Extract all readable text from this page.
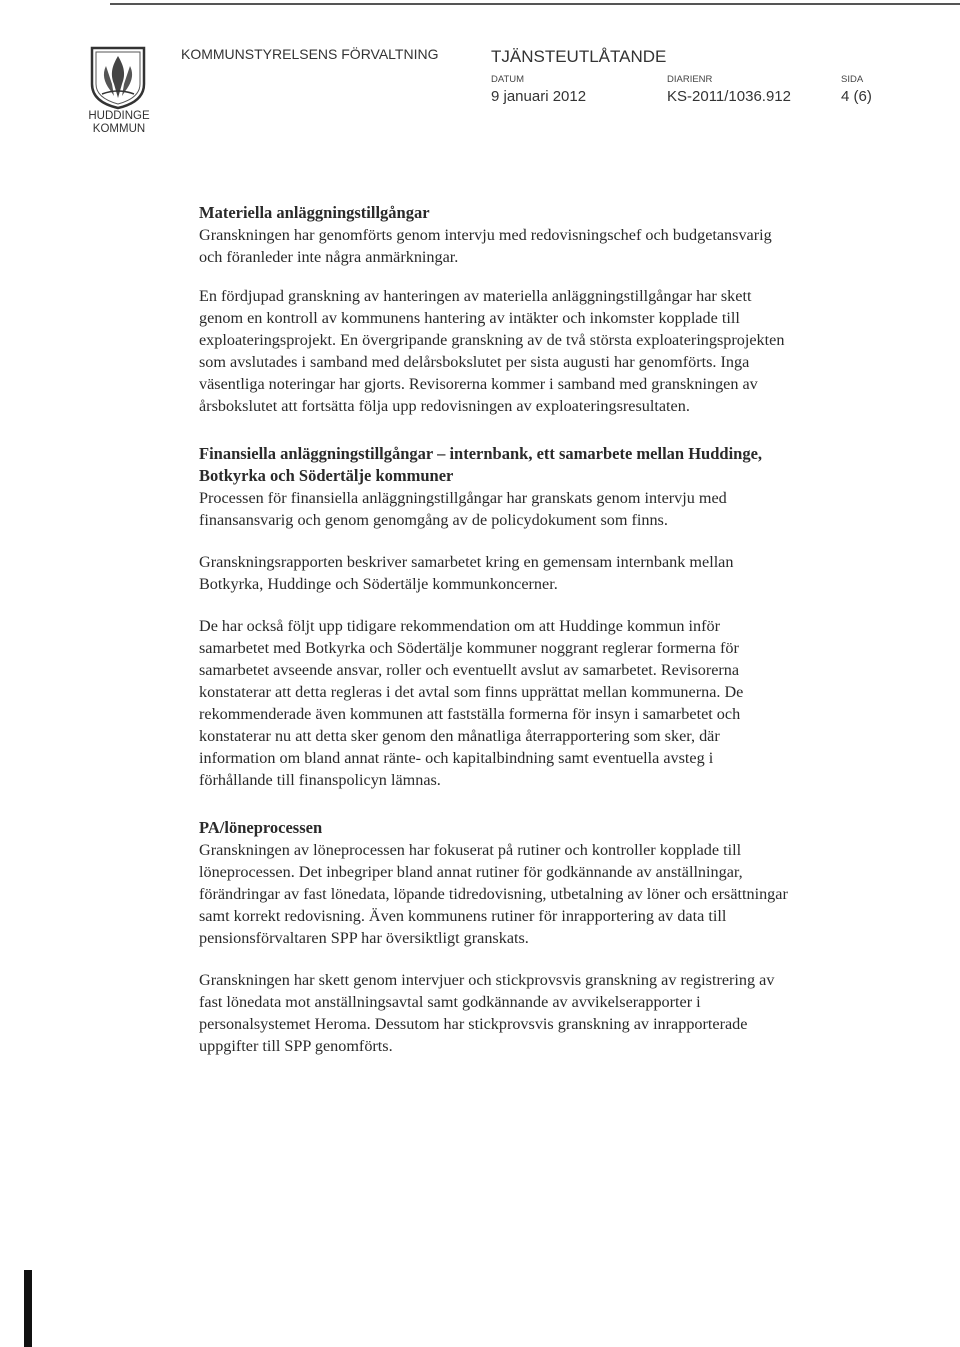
HUDDINGE
KOMMUN
KOMMUNSTYRELSENS FÖRVALTNING	TJÄNSTEUTLÅTANDE
DATUM	DIARIENR	SIDA
9 januari 2012	KS-2011/1036.912	4 (6)
Materiella anläggningstillgångar

Granskningen har genomförts genom intervju med redovisningschef och budgetansvarig och föranleder inte några anmärkningar.

En fördjupad granskning av hanteringen av materiella anläggningstillgångar har skett genom en kontroll av kommunens hantering av intäkter och inkomster kopplade till exploateringsprojekt. En övergripande granskning av de två största exploateringsprojekten som avslutades i samband med delårsbokslutet per sista augusti har genomförts. Inga väsentliga noteringar har gjorts. Revisorerna kommer i samband med granskningen av årsbokslutet att fortsätta följa upp redovisningen av exploateringsresultaten.

Finansiella anläggningstillgångar – internbank, ett samarbete mellan Huddinge, Botkyrka och Södertälje kommuner

Processen för finansiella anläggningstillgångar har granskats genom intervju med finansansvarig och genom genomgång av de policydokument som finns.

Granskningsrapporten beskriver samarbetet kring en gemensam internbank mellan Botkyrka, Huddinge och Södertälje kommunkoncerner.

De har också följt upp tidigare rekommendation om att Huddinge kommun inför samarbetet med Botkyrka och Södertälje kommuner noggrant reglerar formerna för samarbetet avseende ansvar, roller och eventuellt avslut av samarbetet. Revisorerna konstaterar att detta regleras i det avtal som finns upprättat mellan kommunerna. De rekommenderade även kommunen att fastställa formerna för insyn i samarbetet och konstaterar nu att detta sker genom den månatliga återrapportering som sker, där information om bland annat ränte- och kapitalbindning samt eventuella avsteg i förhållande till finanspolicyn lämnas.

PA/löneprocessen

Granskningen av löneprocessen har fokuserat på rutiner och kontroller kopplade till löneprocessen. Det inbegriper bland annat rutiner för godkännande av anställningar, förändringar av fast lönedata, löpande tidredovisning, utbetalning av löner och ersättningar samt korrekt redovisning. Även kommunens rutiner för inrapportering av data till pensionsförvaltaren SPP har översiktligt granskats.

Granskningen har skett genom intervjuer och stickprovsvis granskning av registrering av fast lönedata mot anställningsavtal samt godkännande av avvikelserapporter i personalsystemet Heroma. Dessutom har stickprovsvis granskning av inrapporterade uppgifter till SPP genomförts.
